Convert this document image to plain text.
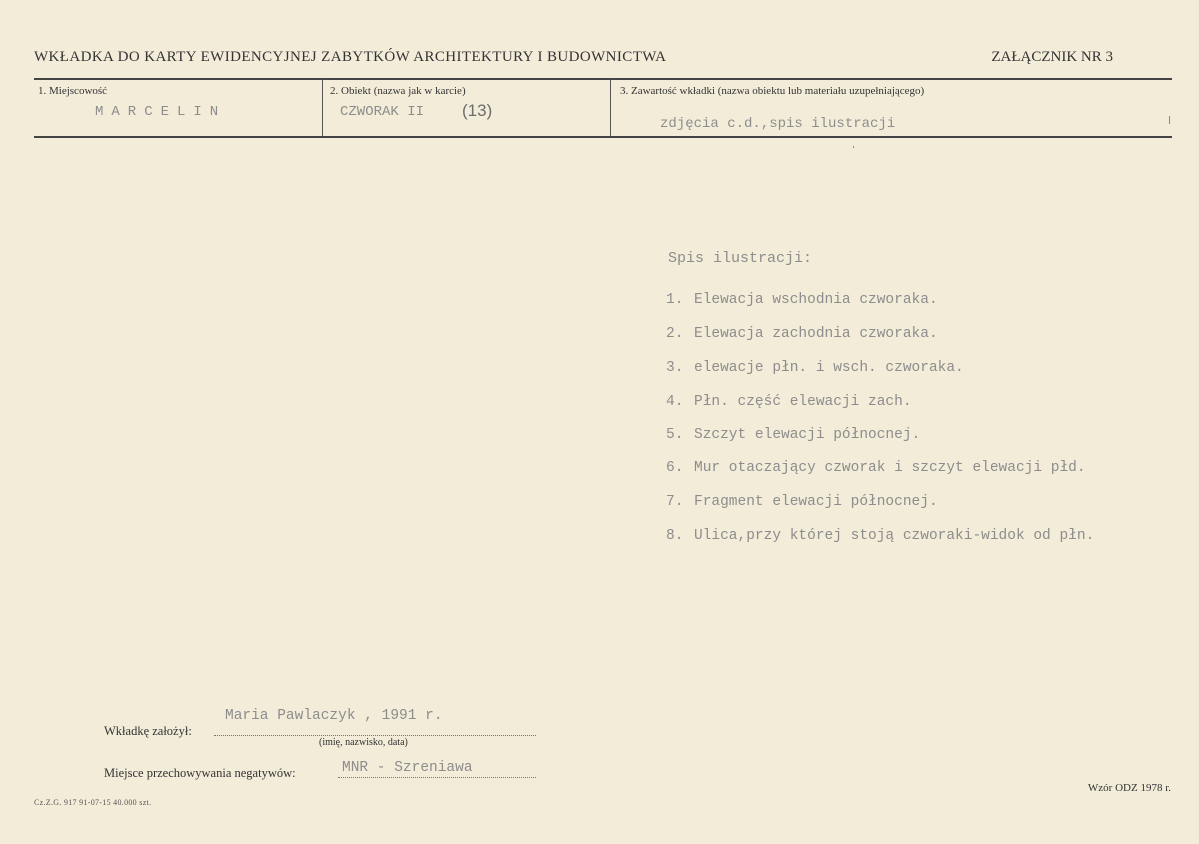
WKŁADKA DO KARTY EWIDENCYJNEJ ZABYTKÓW ARCHITEKTURY I BUDOWNICTWA	ZAŁĄCZNIK NR 3
1. Miejscowość
MARCELIN
2. Obiekt (nazwa jak w karcie)
CZWORAK II (13)
3. Zawartość wkładki (nazwa obiektu lub materiału uzupełniającego)
zdjęcia c.d.,spis ilustracji
Spis ilustracji:
1. Elewacja wschodnia czworaka.
2. Elewacja zachodnia czworaka.
3. elewacje płn. i wsch. czworaka.
4. Płn. część elewacji zach.
5. Szczyt elewacji północnej.
6. Mur otaczający czworak i szczyt elewacji płd.
7. Fragment elewacji północnej.
8. Ulica,przy której stoją czworaki-widok od płn.
Wkładkę założył:
Maria Pawlaczyk , 1991 r.
(imię, nazwisko, data)
Miejsce przechowywania negatywów:	MNR - Szreniawa
Cz.Z.G. 917 91-07-15 40.000 szt.
Wzór ODZ 1978 r.
